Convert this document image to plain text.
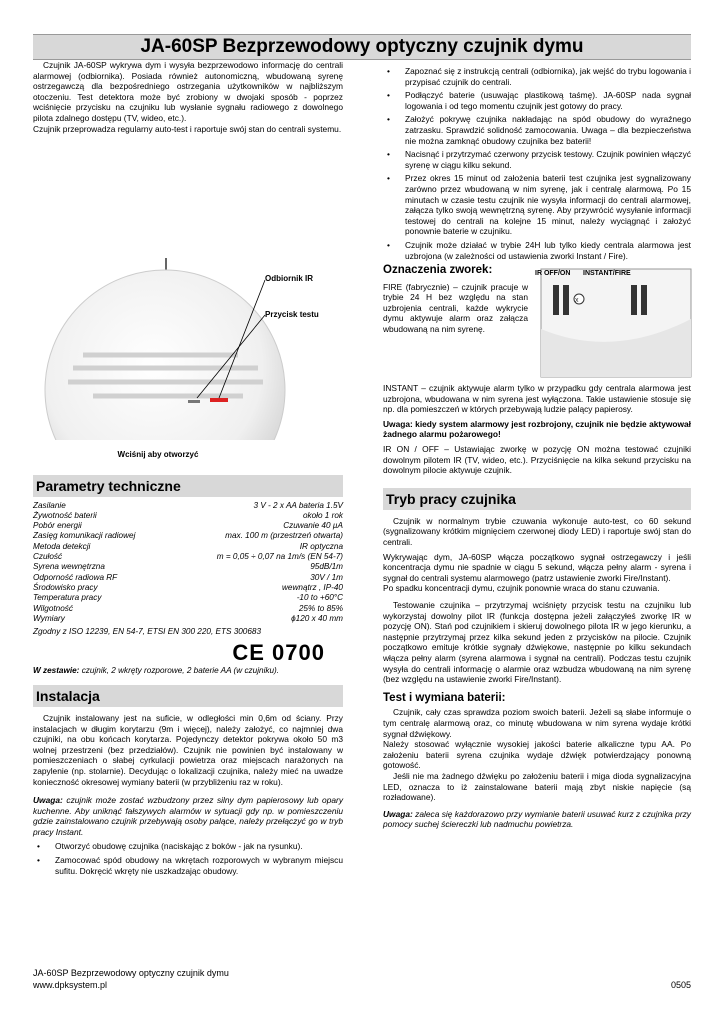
JA-60SP Bezprzewodowy optyczny czujnik dymu

Czujnik JA-60SP wykrywa dym i wysyła bezprzewodowo informację do centrali alarmowej (odbiornika). Posiada również autonomiczną, wbudowaną syrenę ostrzegawczą dla bezpośredniego ostrzegania użytkowników w najbliższym otoczeniu. Test detektora może być zrobiony w dwojaki sposób - poprzez wciśnięcie przycisku na czujniku lub wysłanie sygnału radiowego z dowolnego pilota zdalnego dostępu (TV, wideo, etc.).

Czujnik przeprowadza regularny auto-test i raportuje swój stan do centrali systemu.

Odbiornik IR
Przycisk testu
Wciśnij aby otworzyć
Parametry techniczne
Zasilanie	3 V - 2 x AA bateria 1.5V
Żywotność baterii	około 1 rok
Pobór energii	Czuwanie 40 µA
Zasięg komunikacji radiowej	max. 100 m (przestrzeń otwarta)
Metoda detekcji	IR optyczna
Czułość	m = 0,05 ÷ 0,07 na 1m/s (EN 54-7)
Syrena wewnętrzna	95dB/1m
Odporność radiowa RF	30V / 1m
Środowisko pracy	wewnątrz , IP-40
Temperatura pracy	-10 to +60°C
Wilgotność	25% to 85%
Wymiary	ϕ120 x 40 mm
Zgodny z ISO 12239, EN 54-7, ETSI EN 300 220, ETS 300683
CE 0700
W zestawie: czujnik, 2 wkręty rozporowe, 2 baterie AA (w czujniku).
Instalacja

Czujnik instalowany jest na suficie, w odległości min 0,6m od ściany. Przy instalacjach w długim korytarzu (9m i więcej), należy założyć, co najmniej dwa czujniki, na obu końcach korytarza. Pojedynczy detektor pokrywa około 50 m3 wolnej przestrzeni (bez przedziałów). Czujnik nie powinien być instalowany w pomieszczeniach o słabej cyrkulacji powietrza oraz miejscach narażonych na zapylenie (np. stolarnie). Decydując o lokalizacji czujnika, należy mieć na uwadze konieczność okresowej wymiany baterii (w przybliżeniu raz w roku).

Uwaga: czujnik może zostać wzbudzony przez silny dym papierosowy lub opary kuchenne. Aby uniknąć fałszywych alarmów w sytuacji gdy np. w pomieszczeniu gdzie zainstalowano czujnik przebywają osoby palące, należy przełączyć go w tryb pracy Instant.

• Otworzyć obudowę czujnika (naciskając z boków - jak na rysunku).
• Zamocować spód obudowy na wkrętach rozporowych w wybranym miejscu sufitu. Dokręcić wkręty nie uszkadzając obudowy.
• Zapoznać się z instrukcją centrali (odbiornika), jak wejść do trybu logowania i przypisać czujnik do centrali.
• Podłączyć baterie (usuwając plastikową taśmę). JA-60SP nada sygnał logowania i od tego momentu czujnik jest gotowy do pracy.
• Założyć pokrywę czujnika nakładając na spód obudowy do wyraźnego zatrzasku. Sprawdzić solidność zamocowania. Uwaga – dla bezpieczeństwa nie można zamknąć obudowy czujnika bez baterii!
• Nacisnąć i przytrzymać czerwony przycisk testowy. Czujnik powinien włączyć syrenę w ciągu kilku sekund.
• Przez okres 15 minut od założenia baterii test czujnika jest sygnalizowany zarówno przez wbudowaną w nim syrenę, jak i centralę alarmową. Po 15 minutach w czasie testu czujnik nie wysyła informacji do centrali alarmowej, załącza tylko swoją wewnętrzną syrenę. Aby przywrócić wysyłanie informacji testowej do centrali na kolejne 15 minut, należy wyciągnąć i założyć ponownie baterie w czujniku.
• Czujnik może działać w trybie 24H lub tylko kiedy centrala alarmowa jest uzbrojona (w zależności od ustawienia zworki Instant / Fire).
Oznaczenia zworek:
FIRE (fabrycznie) – czujnik pracuje w trybie 24 H bez względu na stan uzbrojenia centrali, każde wykrycie dymu aktywuje alarm oraz załącza wbudowaną na nim syrenę.
x
IR OFF/ON INSTANT/FIRE

INSTANT – czujnik aktywuje alarm tylko w przypadku gdy centrala alarmowa jest uzbrojona, wbudowana w nim syrena jest wyłączona. Takie ustawienie stosuje się np. dla pomieszczeń w których przebywają ludzie palący papierosy.

Uwaga: kiedy system alarmowy jest rozbrojony, czujnik nie będzie aktywował żadnego alarmu pożarowego!

IR ON / OFF – Ustawiając zworkę w pozycję ON można testować czujniki dowolnym pilotem IR (TV, wideo, etc.). Przyciśnięcie na kilka sekund przycisku na dowolnym pilocie aktywuje czujnik.

Tryb pracy czujnika

Czujnik w normalnym trybie czuwania wykonuje auto-test, co 60 sekund (sygnalizowany krótkim mignięciem czerwonej diody LED) i raportuje swój stan do centrali.

Wykrywając dym, JA-60SP włącza początkowo sygnał ostrzegawczy i jeśli koncentracja dymu nie spadnie w ciągu 5 sekund, włącza pełny alarm - syrena i sygnał do centrali systemu alarmowego (patrz ustawienie zworki Fire/Instant).

Po spadku koncentracji dymu, czujnik ponownie wraca do stanu czuwania.

Testowanie czujnika – przytrzymaj wciśnięty przycisk testu na czujniku lub wykorzystaj dowolny pilot IR (funkcja dostępna jeżeli załączyłeś zworkę IR w pozycję ON). Stań pod czujnikiem i skieruj dowolnego pilota IR w jego kierunku, a następnie przytrzymaj przez kilka sekund jeden z przycisków na pilocie. Czujnik początkowo emituje krótkie sygnały dźwiękowe, następnie po kilku sekundach włącza pełny alarm (syrena alarmowa i sygnał na centrali). Podczas testu czujnik wysyła do centrali informację o alarmie oraz wzbudza wbudowaną na nim syrenę (bez względu na ustawienie zworki Fire/Instant).

Test i wymiana baterii:

Czujnik, cały czas sprawdza poziom swoich baterii. Jeżeli są słabe informuje o tym centralę alarmową oraz, co minutę wbudowana w nim syrena wydaje krótki sygnał dźwiękowy.

Należy stosować wyłącznie wysokiej jakości baterie alkaliczne typu AA. Po założeniu baterii syrena czujnika wydaje dźwięk potwierdzający ponowną gotowość.

Jeśli nie ma żadnego dźwięku po założeniu baterii i miga dioda sygnalizacyjna LED, oznacza to iż zainstalowane baterii mają zbyt niskie napięcie (są rozładowane).

Uwaga: zaleca się każdorazowo przy wymianie baterii usuwać kurz z czujnika przy pomocy suchej ściereczki lub nadmuchu powietrza.

JA-60SP Bezprzewodowy optyczny czujnik dymu
www.dpksystem.pl	0505
